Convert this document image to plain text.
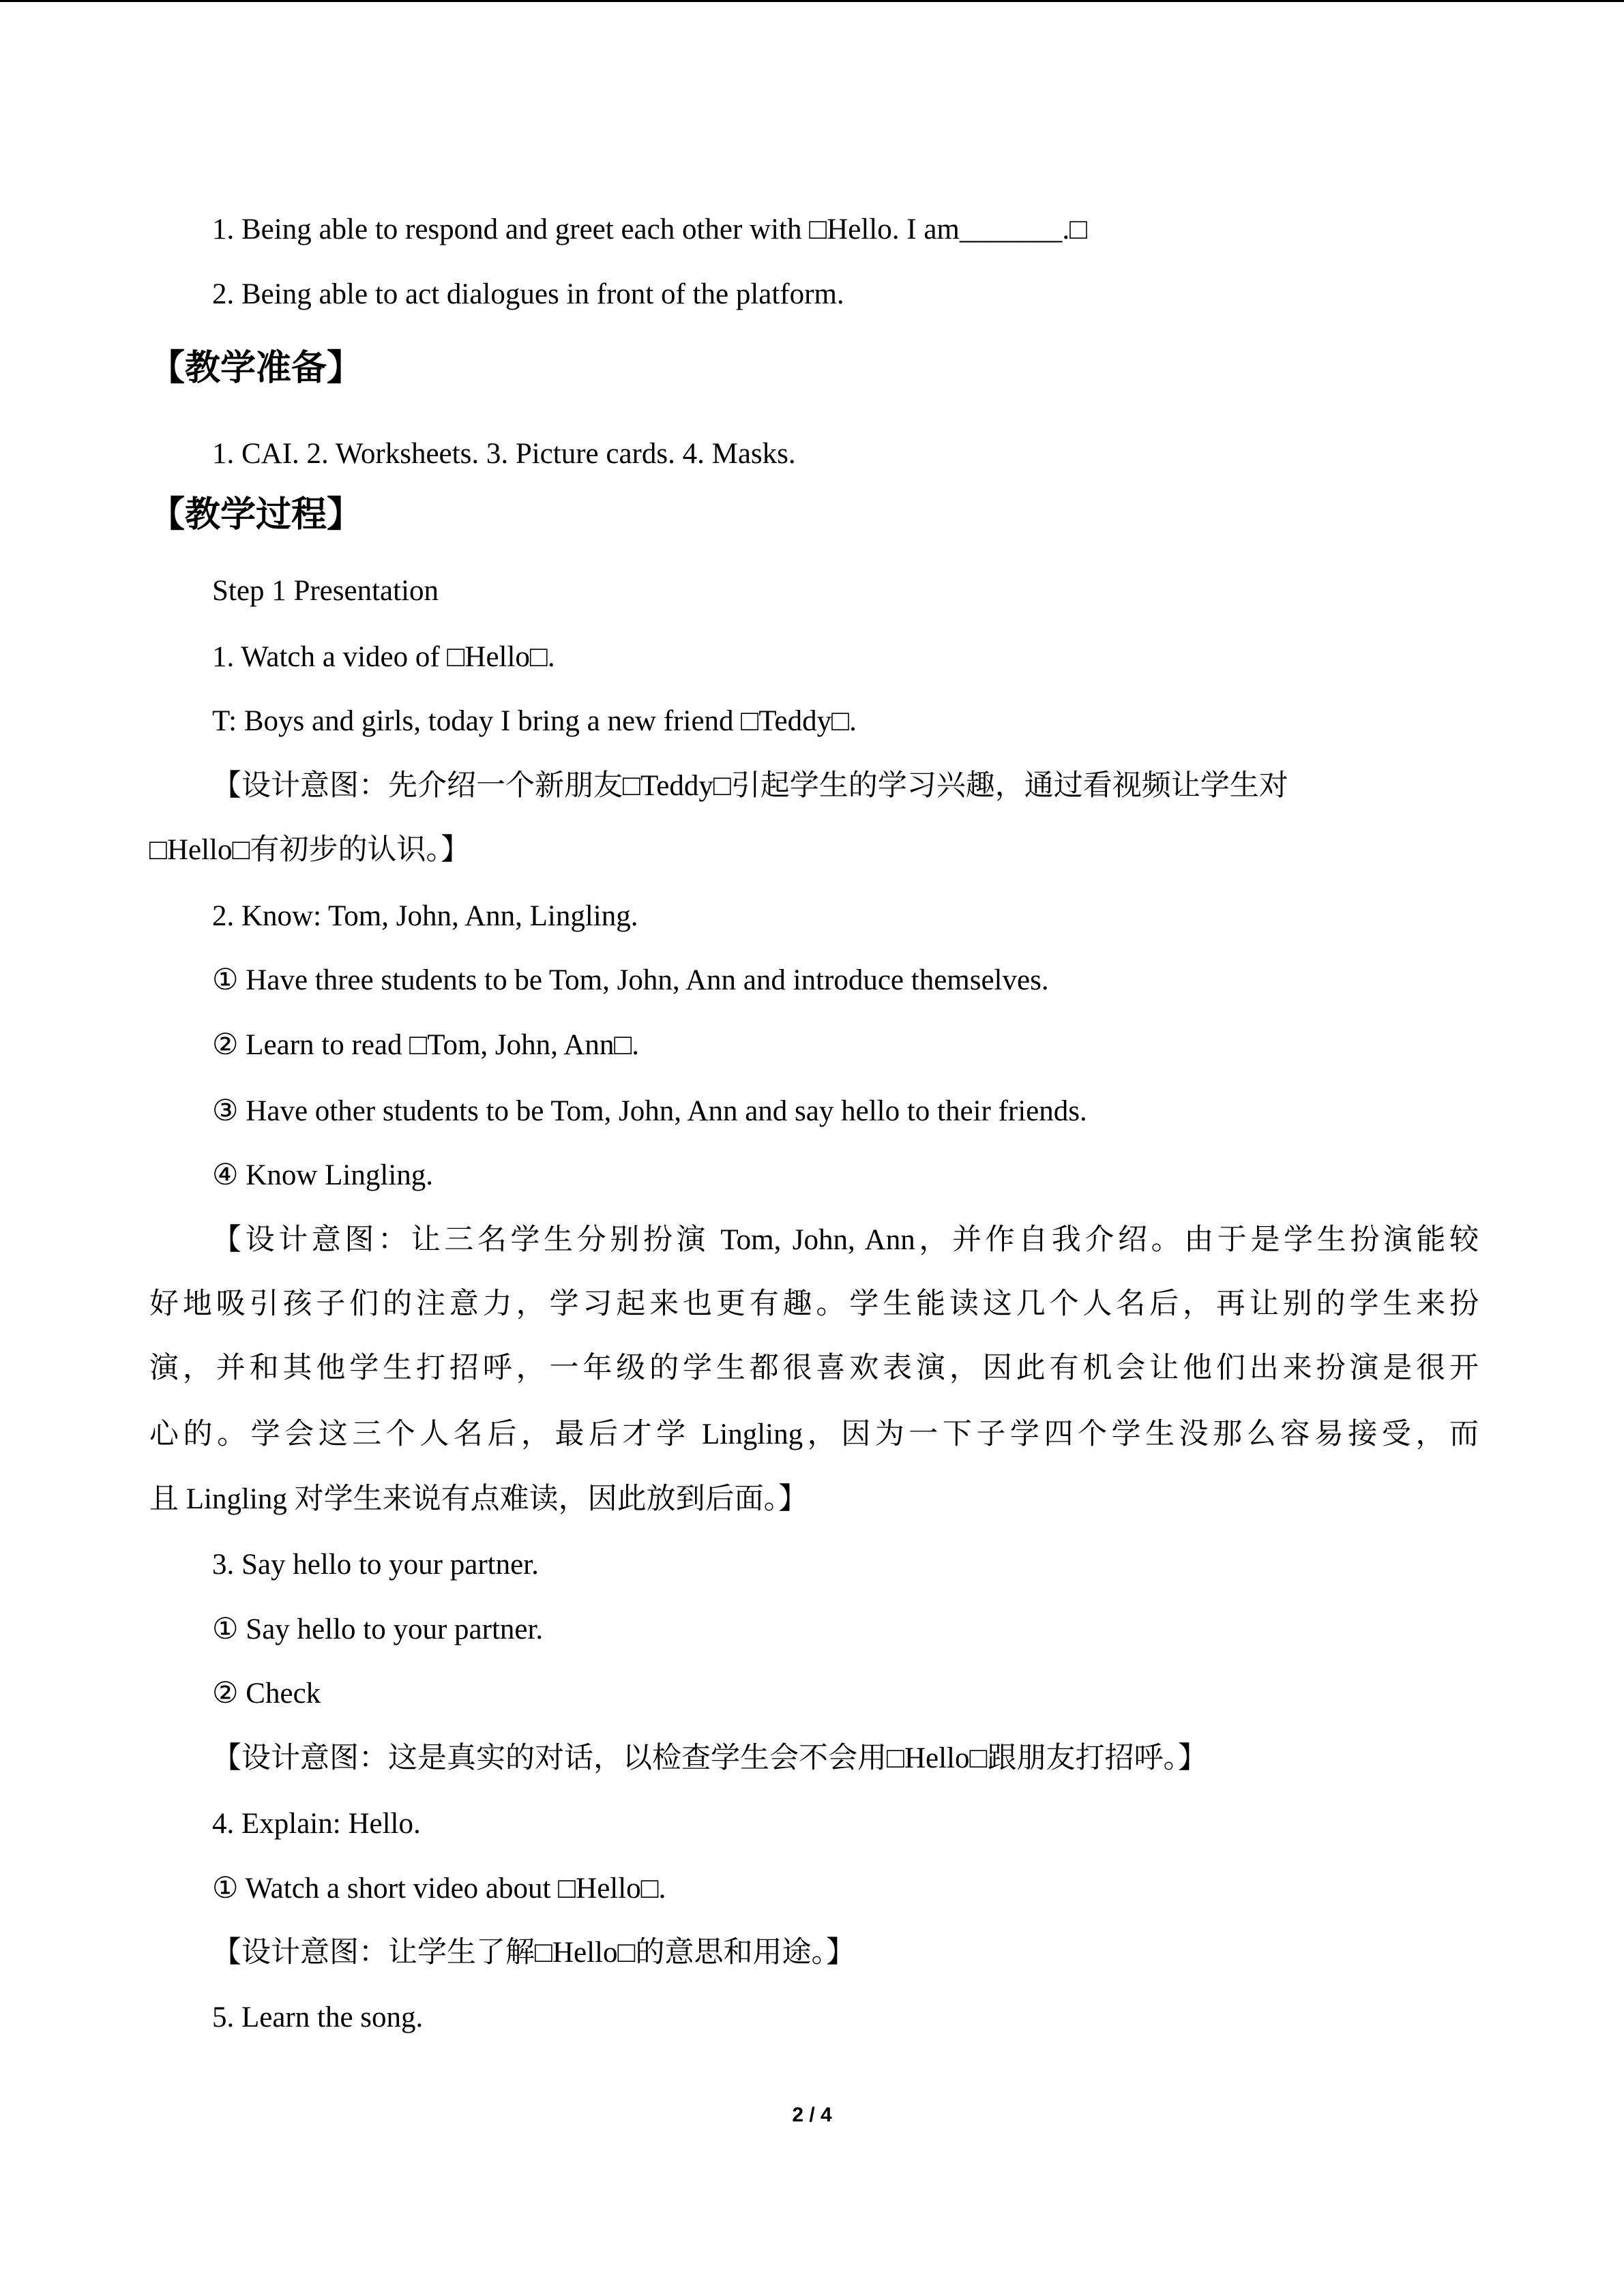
1. Being able to respond and greet each other with □Hello. I am_______.□
2. Being able to act dialogues in front of the platform.
【教学准备】
1. CAI. 2. Worksheets. 3. Picture cards. 4. Masks.
【教学过程】
Step 1 Presentation
1. Watch a video of □Hello□.
T: Boys and girls, today I bring a new friend □Teddy□.
【设计意图：先介绍一个新朋友□Teddy□引起学生的学习兴趣，通过看视频让学生对
□Hello□有初步的认识。】
2. Know: Tom, John, Ann, Lingling.
① Have three students to be Tom, John, Ann and introduce themselves.
② Learn to read □Tom, John, Ann□.
③ Have other students to be Tom, John, Ann and say hello to their friends.
④ Know Lingling.
【设计意图：让三名学生分别扮演 Tom, John, Ann，并作自我介绍。由于是学生扮演能较
好地吸引孩子们的注意力，学习起来也更有趣。学生能读这几个人名后，再让别的学生来扮
演，并和其他学生打招呼，一年级的学生都很喜欢表演，因此有机会让他们出来扮演是很开
心的。学会这三个人名后，最后才学 Lingling，因为一下子学四个学生没那么容易接受，而
且 Lingling 对学生来说有点难读，因此放到后面。】
3. Say hello to your partner.
① Say hello to your partner.
② Check
【设计意图：这是真实的对话，以检查学生会不会用□Hello□跟朋友打招呼。】
4. Explain: Hello.
① Watch a short video about □Hello□.
【设计意图：让学生了解□Hello□的意思和用途。】
5. Learn the song.
2 / 4
